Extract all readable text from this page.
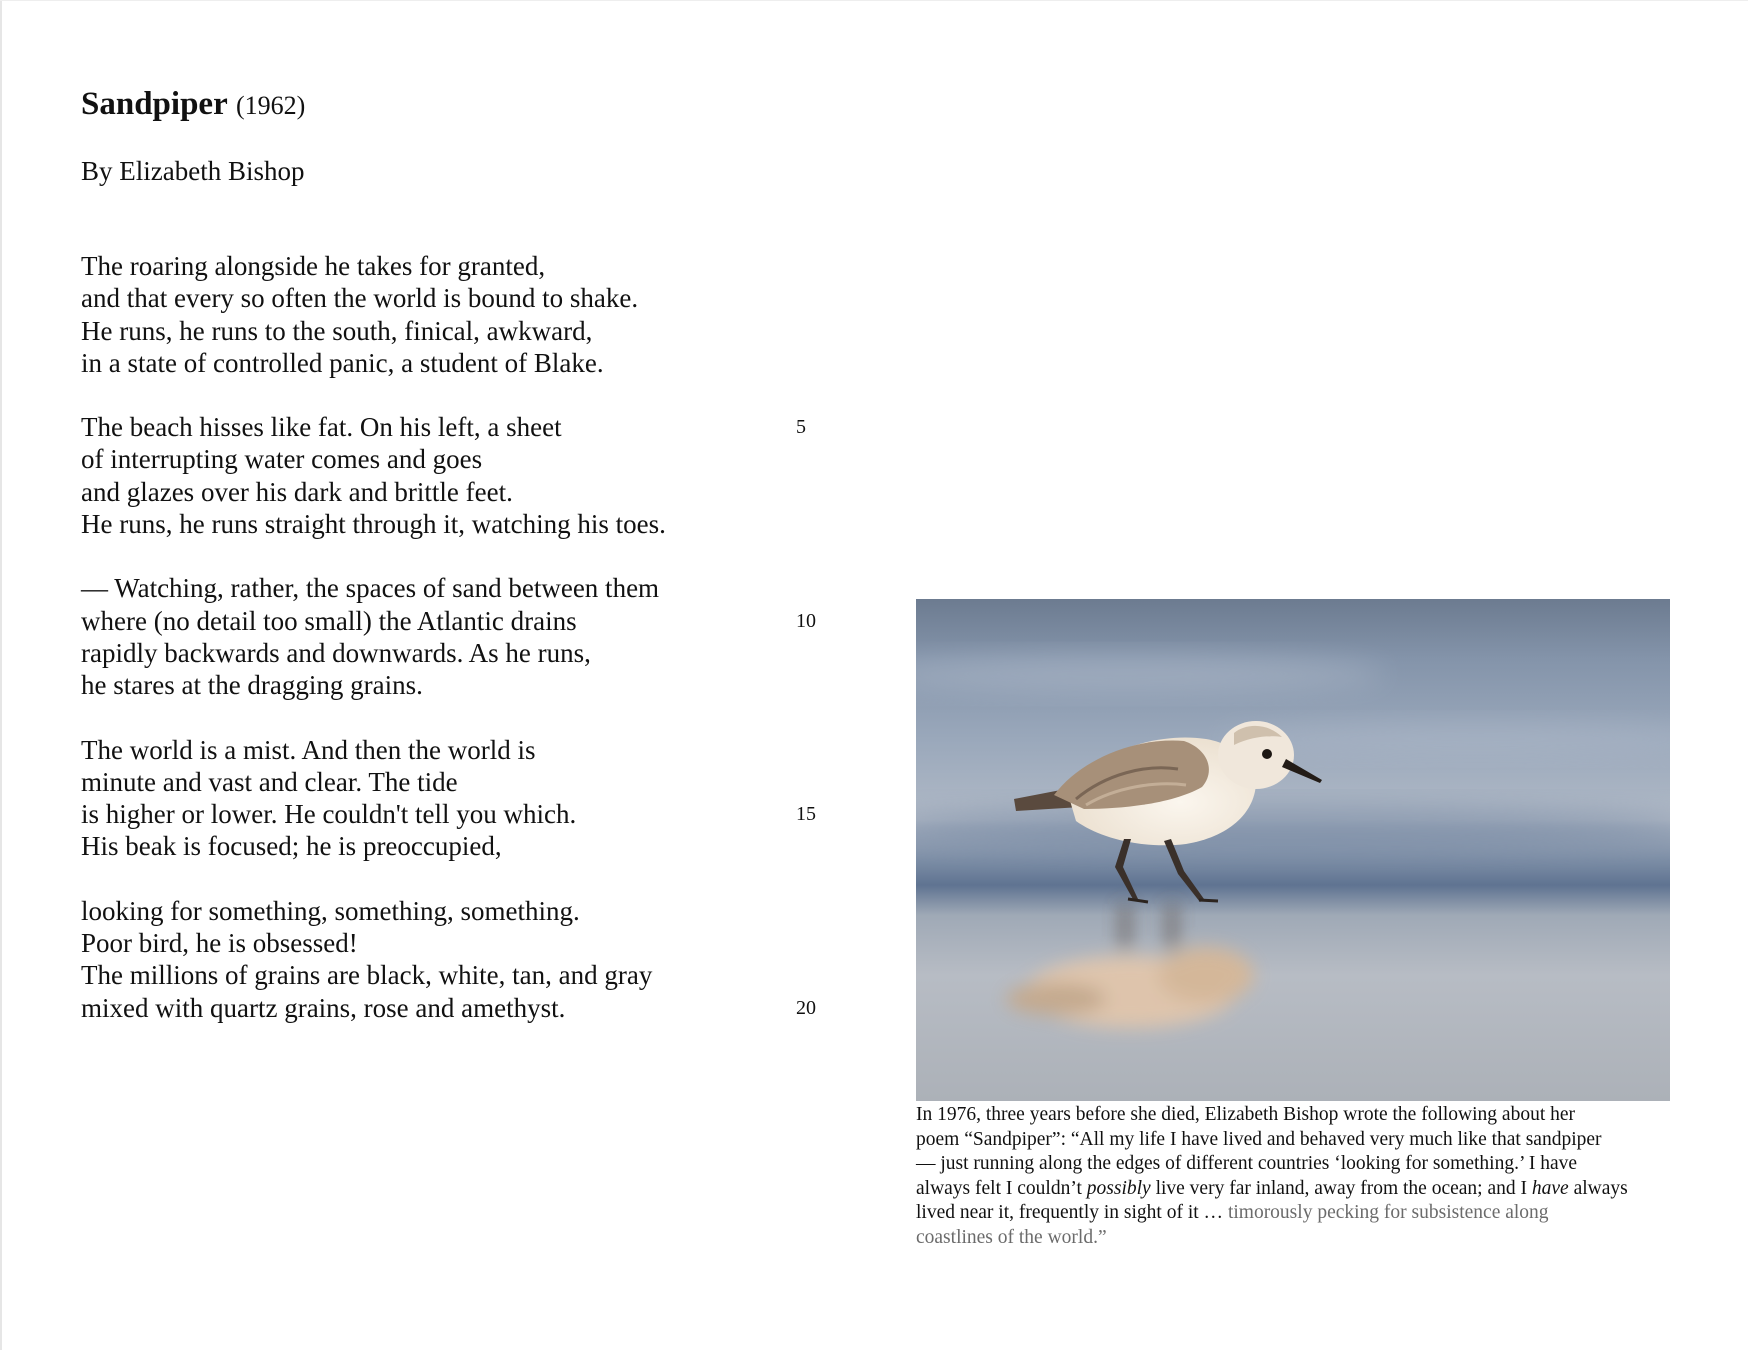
Sandpiper (1962)

By Elizabeth Bishop

The roaring alongside he takes for granted,
and that every so often the world is bound to shake.
He runs, he runs to the south, finical, awkward,
in a state of controlled panic, a student of Blake.
The beach hisses like fat. On his left, a sheet	5
of interrupting water comes and goes
and glazes over his dark and brittle feet.
He runs, he runs straight through it, watching his toes.
— Watching, rather, the spaces of sand between them
where (no detail too small) the Atlantic drains	10
rapidly backwards and downwards. As he runs,
he stares at the dragging grains.
The world is a mist. And then the world is
minute and vast and clear. The tide
is higher or lower. He couldn't tell you which.	15
His beak is focused; he is preoccupied,
looking for something, something, something.
Poor bird, he is obsessed!
The millions of grains are black, white, tan, and gray
mixed with quartz grains, rose and amethyst.	20

In 1976, three years before she died, Elizabeth Bishop wrote the following about her

poem “Sandpiper”: “All my life I have lived and behaved very much like that sandpiper

— just running along the edges of different countries ‘looking for something.’ I have

always felt I couldn’t possibly live very far inland, away from the ocean; and I have always

lived near it, frequently in sight of it … timorously pecking for subsistence along

coastlines of the world.”
